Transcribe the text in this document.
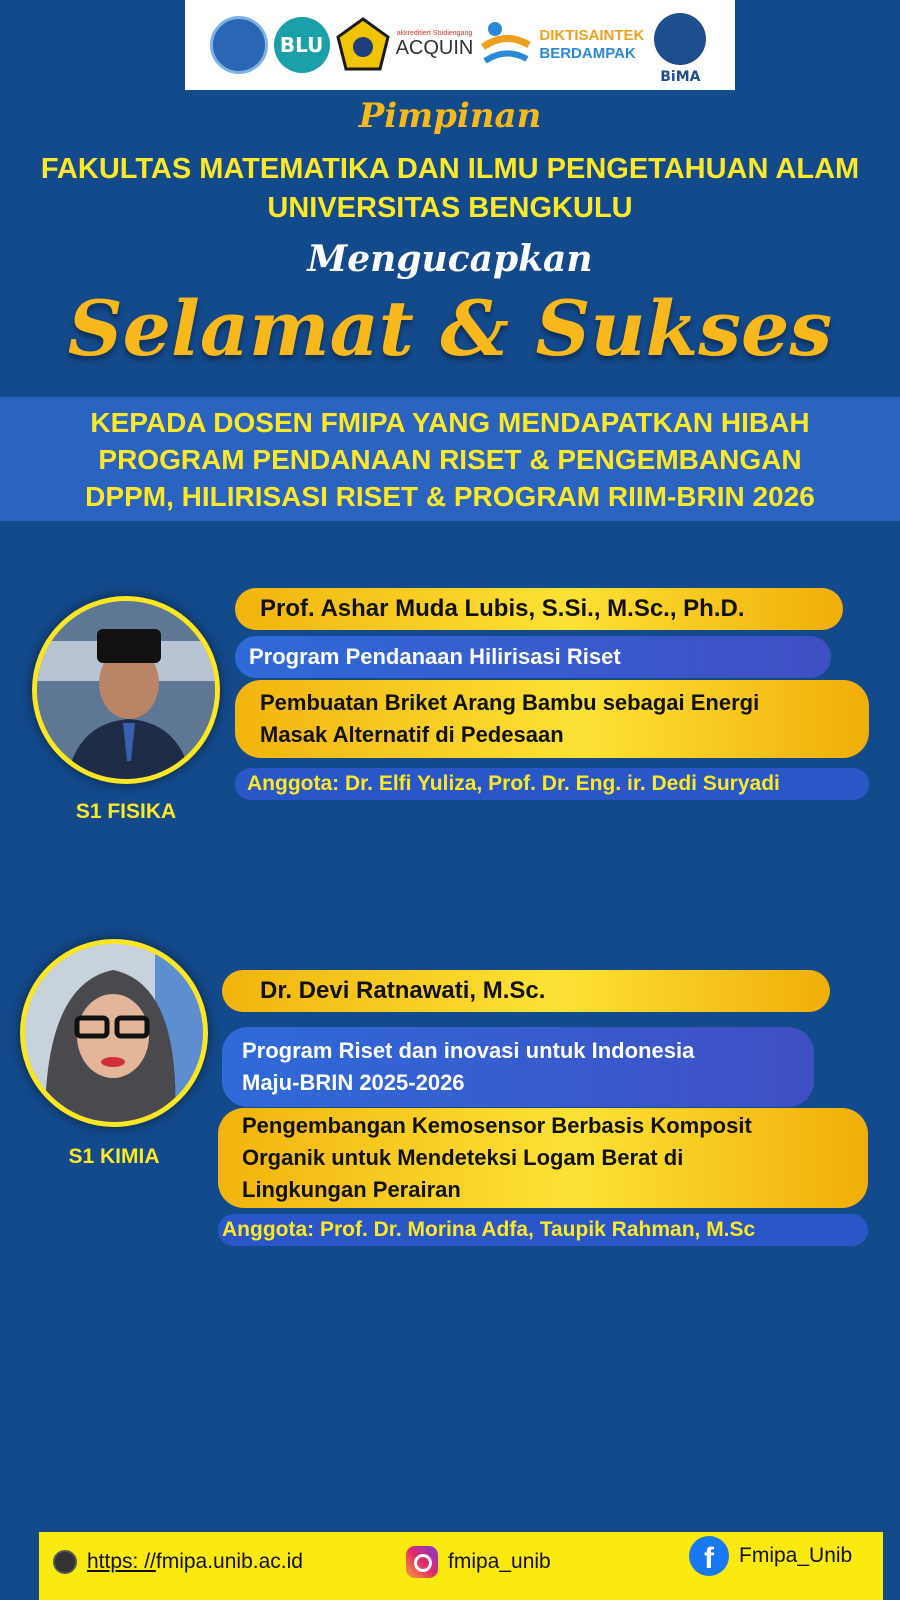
BLU	akkreditiert Studiengang
ACQUIN
DIKTISAINTEK
BERDAMPAK
BiMA
Pimpinan
FAKULTAS MATEMATIKA DAN ILMU PENGETAHUAN ALAM
UNIVERSITAS BENGKULU
Mengucapkan
Selamat & Sukses

KEPADA DOSEN FMIPA YANG MENDAPATKAN HIBAH
PROGRAM PENDANAAN RISET & PENGEMBANGAN
DPPM, HILIRISASI RISET & PROGRAM RIIM-BRIN 2026

S1 FISIKA
Prof. Ashar Muda Lubis, S.Si., M.Sc., Ph.D.
Program Pendanaan Hilirisasi Riset
Pembuatan Briket Arang Bambu sebagai Energi
Masak Alternatif di Pedesaan
Anggota: Dr. Elfi Yuliza, Prof. Dr. Eng. ir. Dedi Suryadi
S1 KIMIA
Dr. Devi Ratnawati, M.Sc.
Program Riset dan inovasi untuk Indonesia
Maju-BRIN 2025-2026
Pengembangan Kemosensor Berbasis Komposit
Organik untuk Mendeteksi Logam Berat di
Lingkungan Perairan
Anggota: Prof. Dr. Morina Adfa, Taupik Rahman, M.Sc
https: //fmipa.unib.ac.id	fmipa_unib	f	Fmipa_Unib
